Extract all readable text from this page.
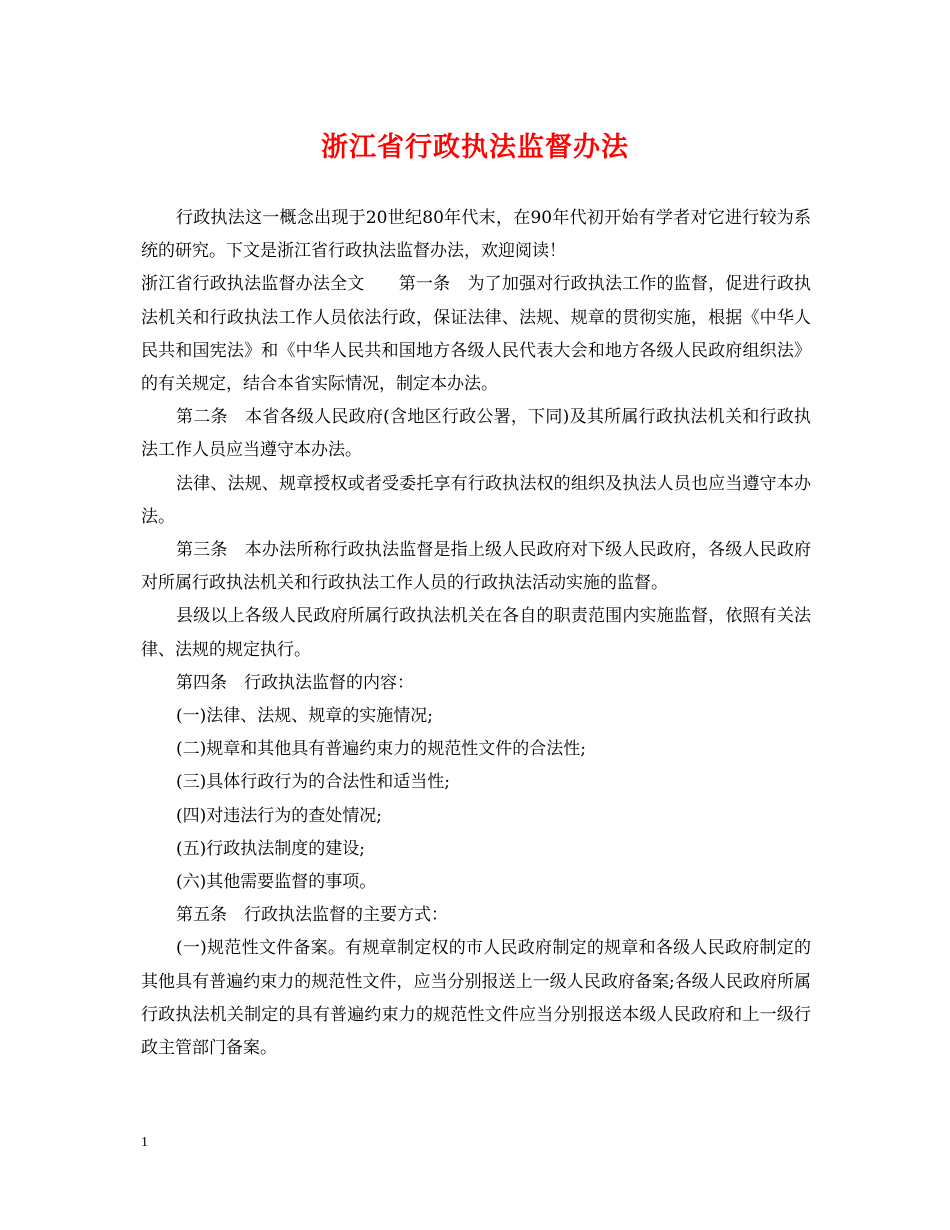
浙江省行政执法监督办法

行政执法这一概念出现于20世纪80年代末，在90年代初开始有学者对它进行较为系统的研究。下文是浙江省行政执法监督办法，欢迎阅读！

浙江省行政执法监督办法全文　　第一条　为了加强对行政执法工作的监督，促进行政执法机关和行政执法工作人员依法行政，保证法律、法规、规章的贯彻实施，根据《中华人民共和国宪法》和《中华人民共和国地方各级人民代表大会和地方各级人民政府组织法》的有关规定，结合本省实际情况，制定本办法。

第二条　本省各级人民政府(含地区行政公署，下同)及其所属行政执法机关和行政执法工作人员应当遵守本办法。

法律、法规、规章授权或者受委托享有行政执法权的组织及执法人员也应当遵守本办法。

第三条　本办法所称行政执法监督是指上级人民政府对下级人民政府，各级人民政府对所属行政执法机关和行政执法工作人员的行政执法活动实施的监督。

县级以上各级人民政府所属行政执法机关在各自的职责范围内实施监督，依照有关法律、法规的规定执行。

第四条　行政执法监督的内容：

(一)法律、法规、规章的实施情况;

(二)规章和其他具有普遍约束力的规范性文件的合法性;

(三)具体行政行为的合法性和适当性;

(四)对违法行为的查处情况;

(五)行政执法制度的建设;

(六)其他需要监督的事项。

第五条　行政执法监督的主要方式：

(一)规范性文件备案。有规章制定权的市人民政府制定的规章和各级人民政府制定的其他具有普遍约束力的规范性文件，应当分别报送上一级人民政府备案;各级人民政府所属行政执法机关制定的具有普遍约束力的规范性文件应当分别报送本级人民政府和上一级行政主管部门备案。

1
